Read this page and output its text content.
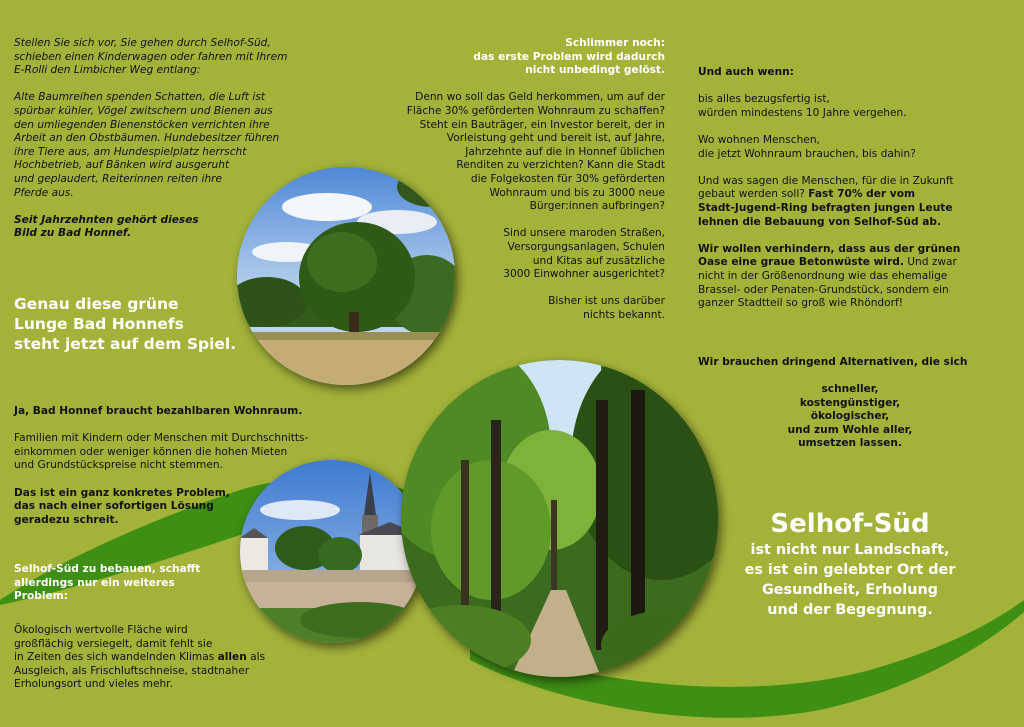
Stellen Sie sich vor, Sie gehen durch Selhof-Süd,
schieben einen Kinderwagen oder fahren mit Ihrem
E-Rolli den Limbicher Weg entlang:

Alte Baumreihen spenden Schatten, die Luft ist
spürbar kühler, Vögel zwitschern und Bienen aus
den umliegenden Bienenstöcken verrichten ihre
Arbeit an den Obstbäumen. Hundebesitzer führen
ihre Tiere aus, am Hundespielplatz herrscht
Hochbetrieb, auf Bänken wird ausgeruht
und geplaudert, Reiterinnen reiten ihre
Pferde aus.

Seit Jahrzehnten gehört dieses
Bild zu Bad Honnef.

Genau diese grüne
Lunge Bad Honnefs
steht jetzt auf dem Spiel.

Ja, Bad Honnef braucht bezahlbaren Wohnraum.

Familien mit Kindern oder Menschen mit Durchschnitts-
einkommen oder weniger können die hohen Mieten
und Grundstückspreise nicht stemmen.

Das ist ein ganz konkretes Problem,
das nach einer sofortigen Lösung
geradezu schreit.

Selhof-Süd zu bebauen, schafft allerdings nur ein weiteres Problem:
Ökologisch wertvolle Fläche wird
großflächig versiegelt, damit fehlt sie
in Zeiten des sich wandelnden Klimas allen als
Ausgleich, als Frischluftschneise, stadtnaher
Erholungsort und vieles mehr.

Schlimmer noch:
das erste Problem wird dadurch
nicht unbedingt gelöst.

Denn wo soll das Geld herkommen, um auf der
Fläche 30% geförderten Wohnraum zu schaffen?
Steht ein Bauträger, ein Investor bereit, der in
Vorleistung geht und bereit ist, auf Jahre,
Jahrzehnte auf die in Honnef üblichen
Renditen zu verzichten? Kann die Stadt
die Folgekosten für 30% geförderten
Wohnraum und bis zu 3000 neue
Bürger:innen aufbringen?

Sind unsere maroden Straßen,
Versorgungsanlagen, Schulen
und Kitas auf zusätzliche
3000 Einwohner ausgerichtet?

Bisher ist uns darüber
nichts bekannt.

Und auch wenn:

bis alles bezugsfertig ist,
würden mindestens 10 Jahre vergehen.

Wo wohnen Menschen,
die jetzt Wohnraum brauchen, bis dahin?

Und was sagen die Menschen, für die in Zukunft
gebaut werden soll? Fast 70% der vom
Stadt-Jugend-Ring befragten jungen Leute
lehnen die Bebauung von Selhof-Süd ab.

Wir wollen verhindern, dass aus der grünen
Oase eine graue Betonwüste wird. Und zwar
nicht in der Größenordnung wie das ehemalige
Brassel- oder Penaten-Grundstück, sondern ein
ganzer Stadtteil so groß wie Rhöndorf!

Wir brauchen dringend Alternativen, die sich
schneller,
kostengünstiger,
ökologischer,
und zum Wohle aller,
umsetzen lassen.

Selhof-Süd

ist nicht nur Landschaft,
es ist ein gelebter Ort der
Gesundheit, Erholung
und der Begegnung.
